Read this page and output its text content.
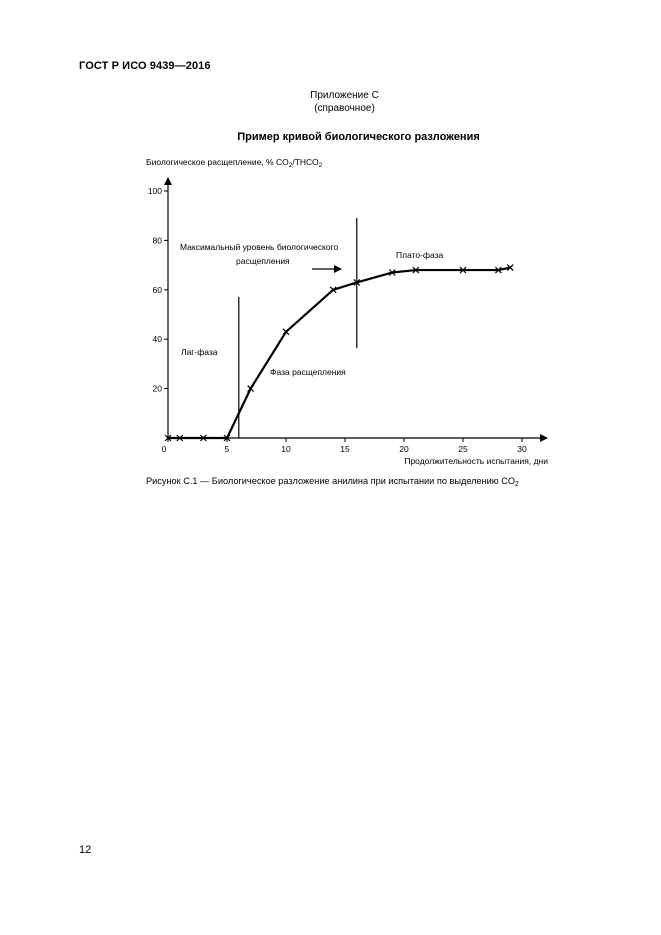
ГОСТ Р ИСО 9439—2016
Приложение С
(справочное)
Пример кривой биологического разложения
Биологическое расщепление, % $CO_2/ТНСО_2$
20
40
60
80
100
0	5	10	15	20	25	30
Лаг-фаза
Фаза расщепления
Максимальный уровень биологического
расщепления
Плато-фаза
Продолжительность испытания, дни
Рисунок С.1 — Биологическое разложение анилина при испытании по выделению $CO_2$
12
